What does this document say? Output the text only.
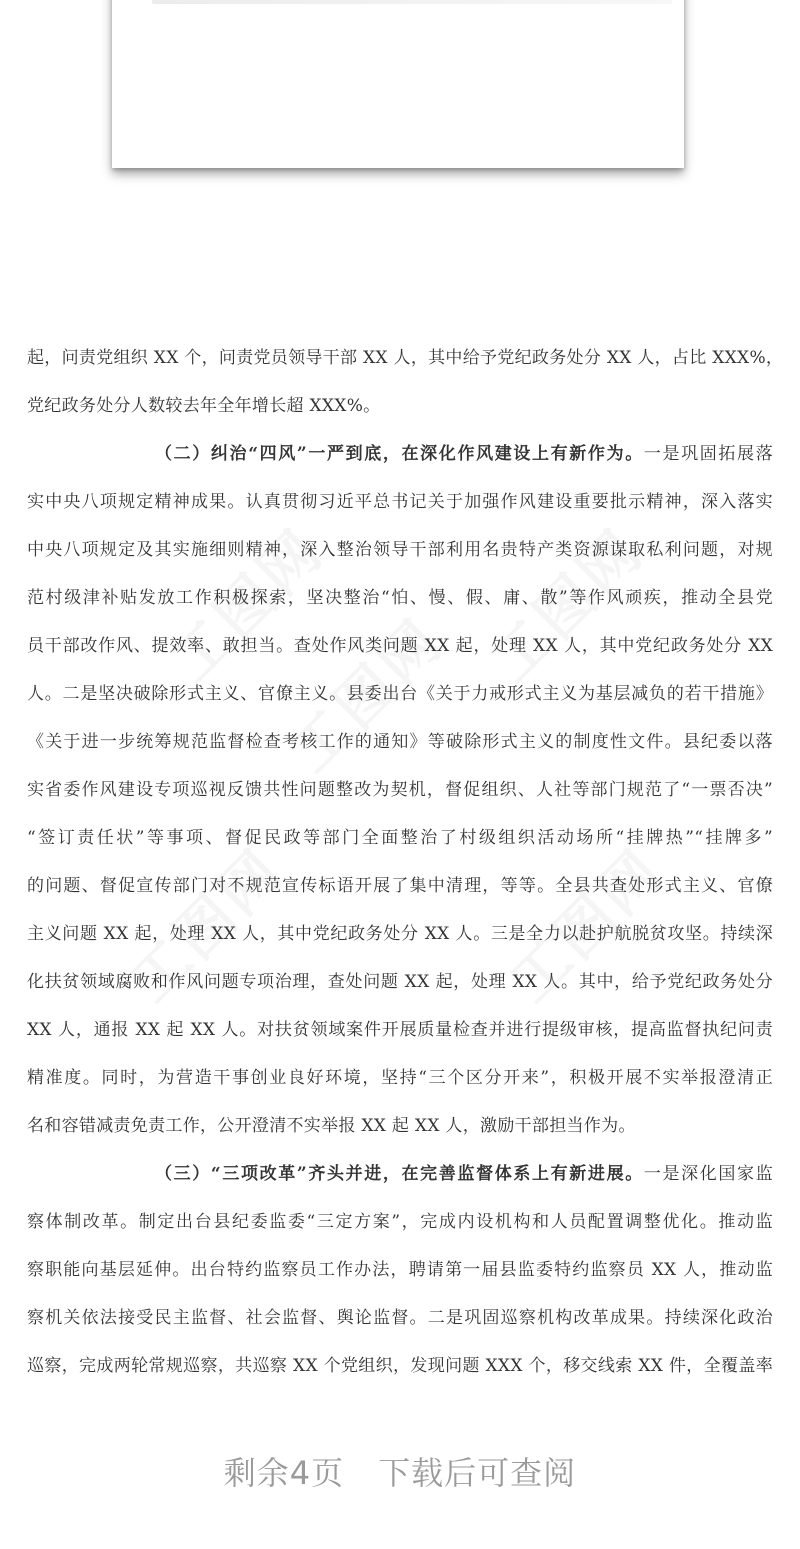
工图网 工图网
工图网
工图网	工图网
起，问责党组织 XX 个，问责党员领导干部 XX 人，其中给予党纪政务处分 XX 人，占比 XXX%，
党纪政务处分人数较去年全年增长超 XXX%。
（二）纠治“四风”一严到底，在深化作风建设上有新作为。一是巩固拓展落
实中央八项规定精神成果。认真贯彻习近平总书记关于加强作风建设重要批示精神，深入落实
中央八项规定及其实施细则精神，深入整治领导干部利用名贵特产类资源谋取私利问题，对规
范村级津补贴发放工作积极探索，坚决整治“怕、慢、假、庸、散”等作风顽疾，推动全县党
员干部改作风、提效率、敢担当。查处作风类问题 XX 起，处理 XX 人，其中党纪政务处分 XX
人。二是坚决破除形式主义、官僚主义。县委出台《关于力戒形式主义为基层减负的若干措施》
《关于进一步统筹规范监督检查考核工作的通知》等破除形式主义的制度性文件。县纪委以落
实省委作风建设专项巡视反馈共性问题整改为契机，督促组织、人社等部门规范了“一票否决”
“签订责任状”等事项、督促民政等部门全面整治了村级组织活动场所“挂牌热”“挂牌多”
的问题、督促宣传部门对不规范宣传标语开展了集中清理，等等。全县共查处形式主义、官僚
主义问题 XX 起，处理 XX 人，其中党纪政务处分 XX 人。三是全力以赴护航脱贫攻坚。持续深
化扶贫领域腐败和作风问题专项治理，查处问题 XX 起，处理 XX 人。其中，给予党纪政务处分
XX 人，通报 XX 起 XX 人。对扶贫领域案件开展质量检查并进行提级审核，提高监督执纪问责
精准度。同时，为营造干事创业良好环境，坚持“三个区分开来”，积极开展不实举报澄清正
名和容错减责免责工作，公开澄清不实举报 XX 起 XX 人，激励干部担当作为。
（三）“三项改革”齐头并进，在完善监督体系上有新进展。一是深化国家监
察体制改革。制定出台县纪委监委“三定方案”，完成内设机构和人员配置调整优化。推动监
察职能向基层延伸。出台特约监察员工作办法，聘请第一届县监委特约监察员 XX 人，推动监
察机关依法接受民主监督、社会监督、舆论监督。二是巩固巡察机构改革成果。持续深化政治
巡察，完成两轮常规巡察，共巡察 XX 个党组织，发现问题 XXX 个，移交线索 XX 件，全覆盖率
剩余4页 下载后可查阅
